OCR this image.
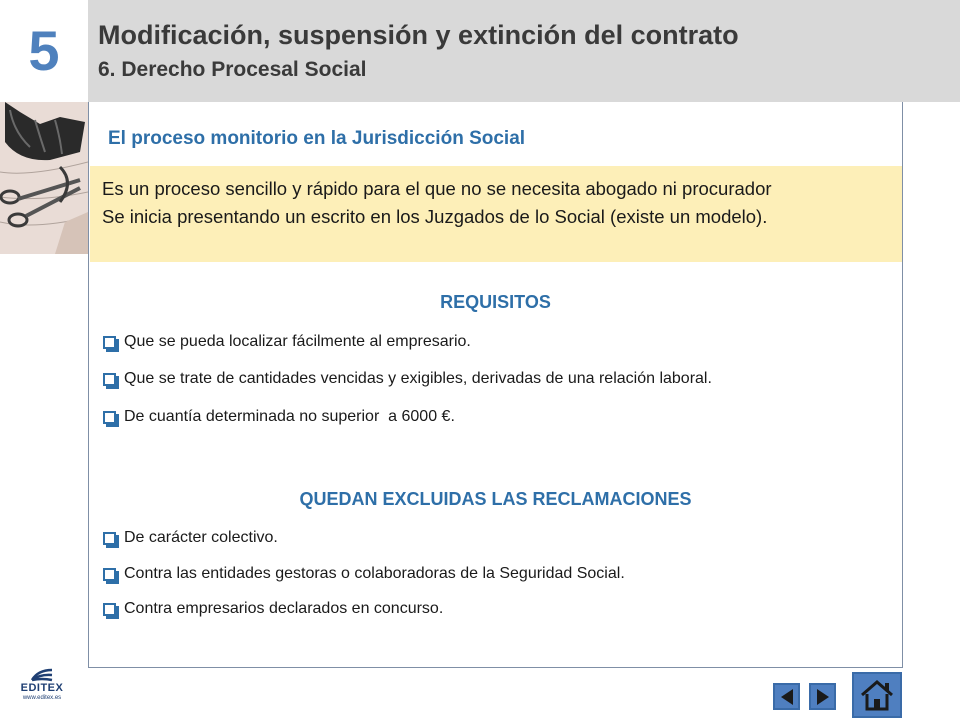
5	Modificación, suspensión y extinción del contrato
6. Derecho Procesal Social
El proceso monitorio en la Jurisdicción Social
Es un proceso sencillo y rápido para el que no se necesita abogado ni procurador
Se inicia presentando un escrito en los Juzgados de lo Social (existe un modelo).
REQUISITOS
Que se pueda localizar fácilmente al empresario.
Que se trate de cantidades vencidas y exigibles, derivadas de una relación laboral.
De cuantía determinada no superior  a 6000 €.
QUEDAN EXCLUIDAS LAS RECLAMACIONES
De carácter colectivo.
Contra las entidades gestoras o colaboradoras de la Seguridad Social.
Contra empresarios declarados en concurso.
EDITEX
www.editex.es
